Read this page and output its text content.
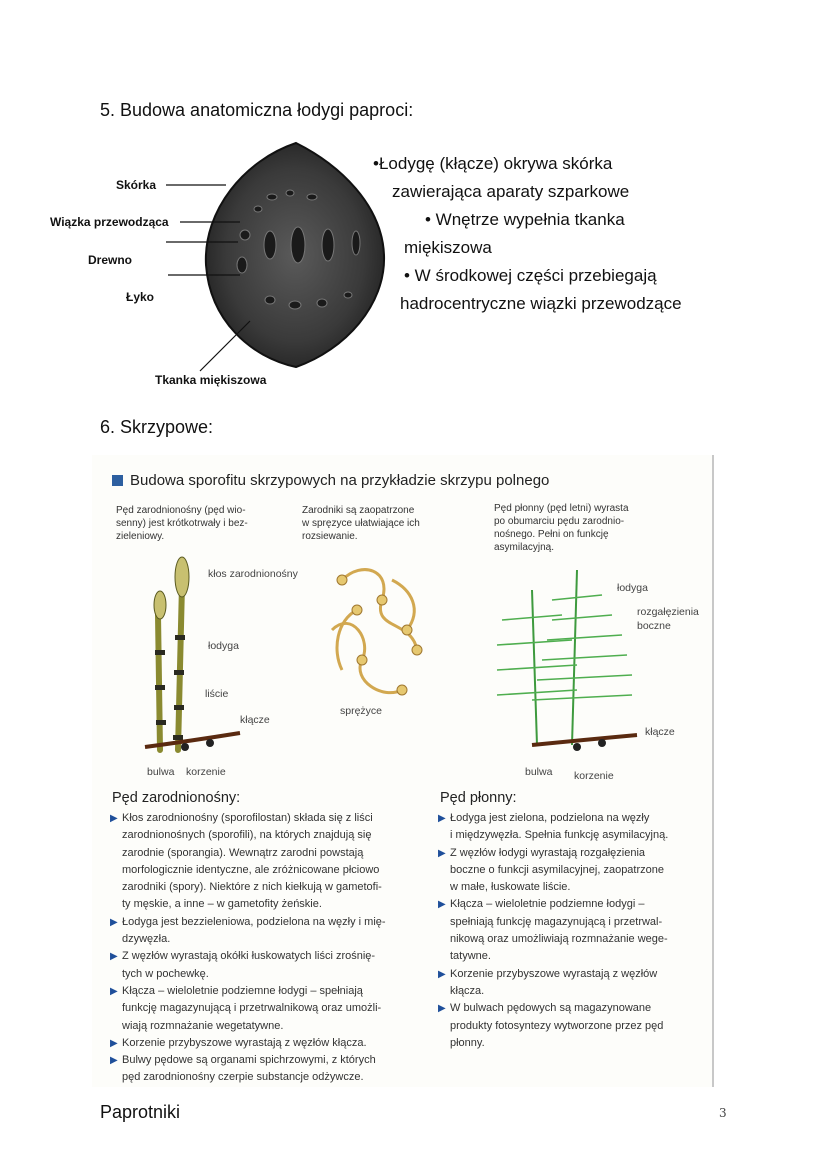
5. Budowa anatomiczna łodygi paproci:
Skórka
Wiązka przewodząca
Drewno
Łyko
Tkanka miękiszowa
•Łodygę (kłącze) okrywa skórka
zawierająca aparaty szparkowe
• Wnętrze wypełnia tkanka
miękiszowa
• W środkowej części przebiegają
hadrocentryczne wiązki przewodzące
6. Skrzypowe:
Budowa sporofitu skrzypowych na przykładzie skrzypu polnego
Pęd zarodnionośny (pęd wio-
senny) jest krótkotrwały i bez-
zieleniowy.
Zarodniki są zaopatrzone
w spręzyce ułatwiające ich
rozsiewanie.
Pęd płonny (pęd letni) wyrasta
po obumarciu pędu zarodnio-
nośnego. Pełni on funkcję
asymilacyjną.
kłos zarodnionośny
łodyga
liście
kłącze
bulwa korzenie
sprężyce
łodyga
rozgałęzienia
boczne
kłącze
bulwa korzenie
Pęd zarodnionośny:	Pęd płonny:
▶ Kłos zarodnionośny (sporofilostan) składa się z liści
zarodnionośnych (sporofili), na których znajdują się
zarodnie (sporangia). Wewnątrz zarodni powstają
morfologicznie identyczne, ale zróżnicowane płciowo
zarodniki (spory). Niektóre z nich kiełkują w gametofi-
ty męskie, a inne – w gametofity żeńskie.
▶ Łodyga jest bezzieleniowa, podzielona na węzły i mię-
dzywęzła.
▶ Z węzłów wyrastają okółki łuskowatych liści zrośnię-
tych w pochewkę.
▶ Kłącza – wieloletnie podziemne łodygi – spełniają
funkcję magazynującą i przetrwalnikową oraz umożli-
wiają rozmnażanie wegetatywne.
▶ Korzenie przybyszowe wyrastają z węzłów kłącza.
▶ Bulwy pędowe są organami spichrzowymi, z których
pęd zarodnionośny czerpie substancje odżywcze.
▶ Łodyga jest zielona, podzielona na węzły
i międzywęzła. Spełnia funkcję asymilacyjną.
▶ Z węzłów łodygi wyrastają rozgałęzienia
boczne o funkcji asymilacyjnej, zaopatrzone
w małe, łuskowate liście.
▶ Kłącza – wieloletnie podziemne łodygi –
spełniają funkcję magazynującą i przetrwal-
nikową oraz umożliwiają rozmnażanie wege-
tatywne.
▶ Korzenie przybyszowe wyrastają z węzłów
kłącza.
▶ W bulwach pędowych są magazynowane
produkty fotosyntezy wytworzone przez pęd
płonny.
Paprotniki	3
